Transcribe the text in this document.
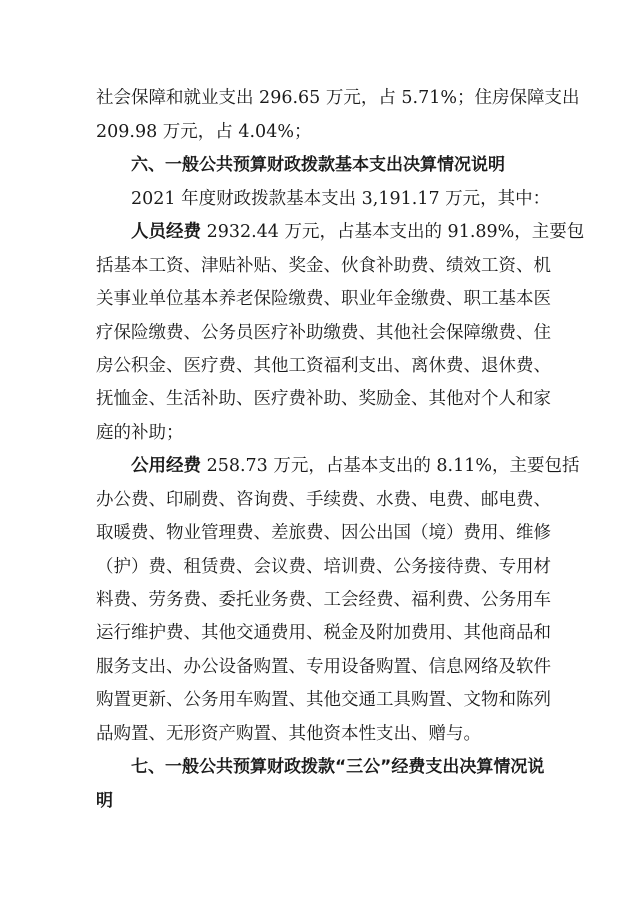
社会保障和就业支出 296.65 万元，占 5.71%；住房保障支出
209.98 万元，占 4.04%；
六、一般公共预算财政拨款基本支出决算情况说明
2021 年度财政拨款基本支出 3,191.17 万元，其中：
人员经费 2932.44 万元，占基本支出的 91.89%，主要包
括基本工资、津贴补贴、奖金、伙食补助费、绩效工资、机
关事业单位基本养老保险缴费、职业年金缴费、职工基本医
疗保险缴费、公务员医疗补助缴费、其他社会保障缴费、住
房公积金、医疗费、其他工资福利支出、离休费、退休费、
抚恤金、生活补助、医疗费补助、奖励金、其他对个人和家
庭的补助；
公用经费 258.73 万元，占基本支出的 8.11%，主要包括
办公费、印刷费、咨询费、手续费、水费、电费、邮电费、
取暖费、物业管理费、差旅费、因公出国（境）费用、维修
（护）费、租赁费、会议费、培训费、公务接待费、专用材
料费、劳务费、委托业务费、工会经费、福利费、公务用车
运行维护费、其他交通费用、税金及附加费用、其他商品和
服务支出、办公设备购置、专用设备购置、信息网络及软件
购置更新、公务用车购置、其他交通工具购置、文物和陈列
品购置、无形资产购置、其他资本性支出、赠与。
七、一般公共预算财政拨款“三公”经费支出决算情况说
明
